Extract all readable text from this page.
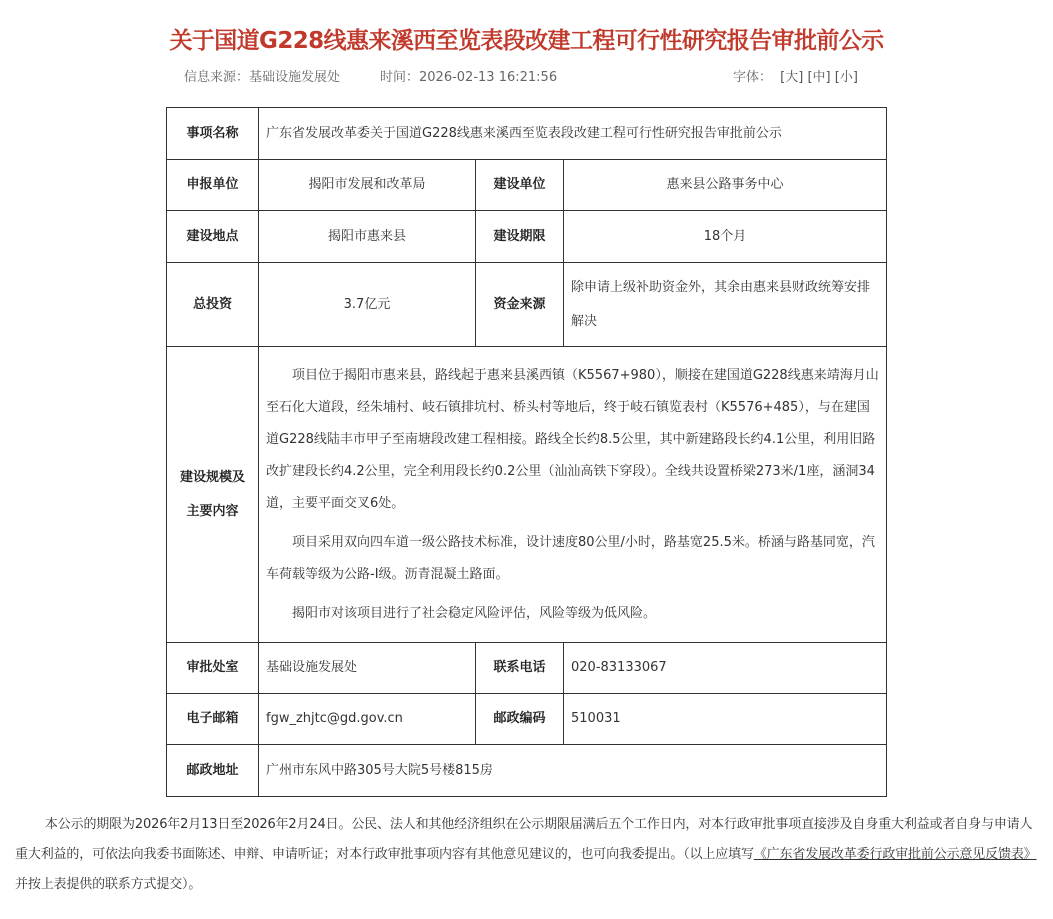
关于国道G228线惠来溪西至览表段改建工程可行性研究报告审批前公示
信息来源：基础设施发展处	时间：2026-02-13 16:21:56	字体： [大] [中] [小]
事项名称	广东省发展改革委关于国道G228线惠来溪西至览表段改建工程可行性研究报告审批前公示		
申报单位	揭阳市发展和改革局	建设单位	惠来县公路事务中心
建设地点	揭阳市惠来县	建设期限	18个月
总投资	3.7亿元	资金来源	除申请上级补助资金外，其余由惠来县财政统筹安排解决
建设规模及主要内容	项目位于揭阳市惠来县，路线起于惠来县溪西镇（K5567+980），顺接在建国道G228线惠来靖海月山至石化大道段，经朱埔村、岐石镇排坑村、桥头村等地后，终于岐石镇览表村（K5576+485），与在建国道G228线陆丰市甲子至南塘段改建工程相接。路线全长约8.5公里，其中新建路段长约4.1公里，利用旧路改扩建段长约4.2公里，完全利用段长约0.2公里（汕汕高铁下穿段）。全线共设置桥梁273米/1座，涵洞34道，主要平面交叉6处。

项目采用双向四车道一级公路技术标准，设计速度80公里/小时，路基宽25.5米。桥涵与路基同宽，汽车荷载等级为公路-Ⅰ级。沥青混凝土路面。

揭阳市对该项目进行了社会稳定风险评估，风险等级为低风险。		

审批处室	基础设施发展处	联系电话	020-83133067
电子邮箱	fgw_zhjtc@gd.gov.cn	邮政编码	510031
邮政地址	广州市东风中路305号大院5号楼815房		
本公示的期限为2026年2月13日至2026年2月24日。公民、法人和其他经济组织在公示期限届满后五个工作日内，对本行政审批事项直接涉及自身重大利益或者自身与申请人重大利益的，可依法向我委书面陈述、申辩、申请听证；对本行政审批事项内容有其他意见建议的，也可向我委提出。（以上应填写《广东省发展改革委行政审批前公示意见反馈表》并按上表提供的联系方式提交）。
